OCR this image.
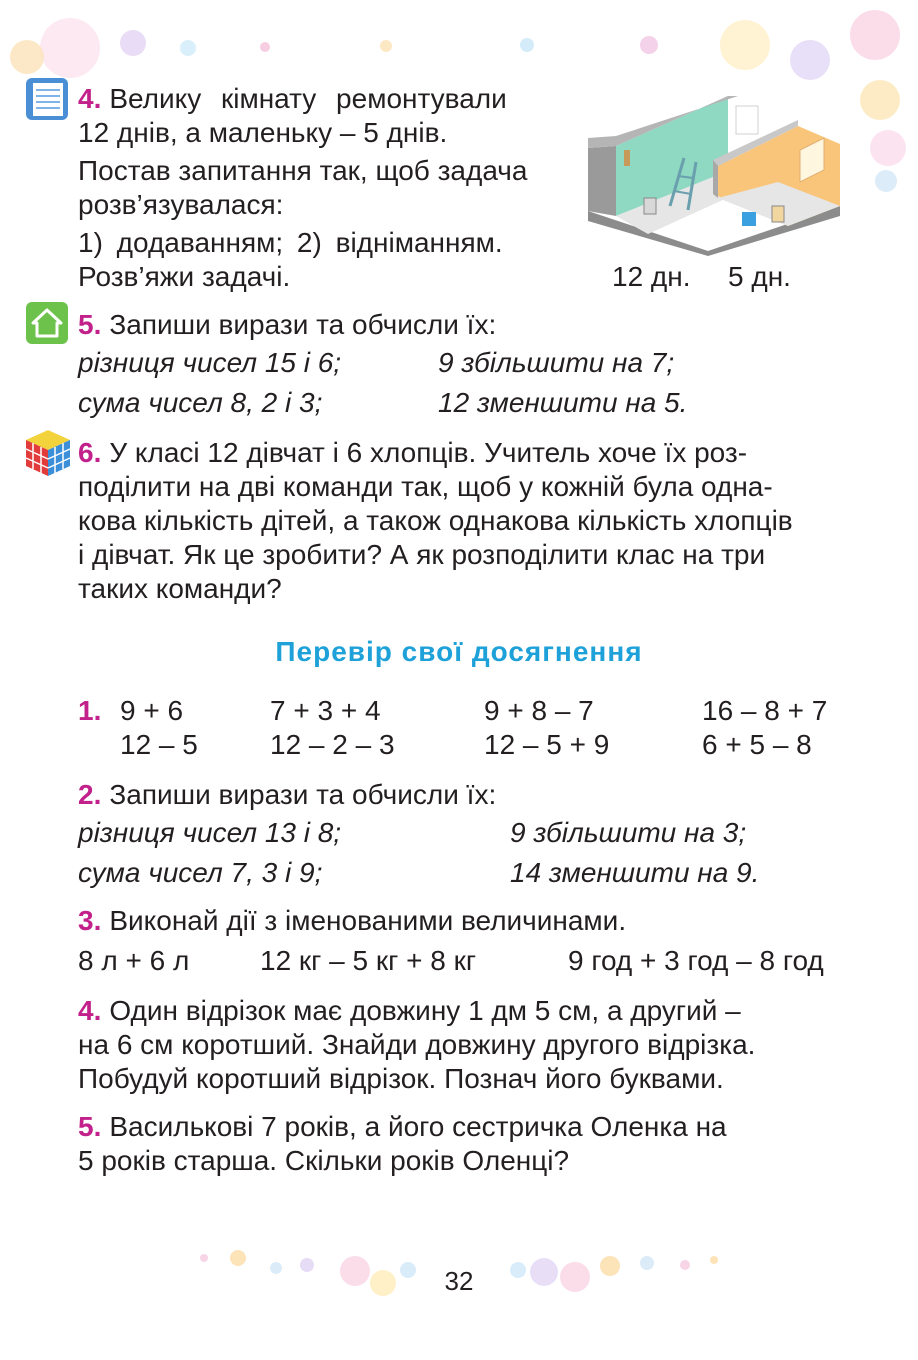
4. Велику кімнату ремонтували
12 днів, а маленьку – 5 днів.
Постав запитання так, щоб задача
розв’язувалася:
1) додаванням; 2) відніманням.
Розв’яжи задачі.	12 дн. 5 дн.
5. Запиши вирази та обчисли їх:
різниця чисел 15 і 6;	9 збільшити на 7;
сума чисел 8, 2 і 3;	12 зменшити на 5.
6. У класі 12 дівчат і 6 хлопців. Учитель хоче їх роз-
поділити на дві команди так, щоб у кожній була одна-
кова кількість дітей, а також однакова кількість хлопців
і дівчат. Як це зробити? А як розподілити клас на три
таких команди?
Перевір свої досягнення
1. 9 + 6	7 + 3 + 4	9 + 8 – 7	16 – 8 + 7
12 – 5	12 – 2 – 3	12 – 5 + 9	6 + 5 – 8
2. Запиши вирази та обчисли їх:
різниця чисел 13 і 8;	9 збільшити на 3;
сума чисел 7, 3 і 9;	14 зменшити на 9.
3. Виконай дії з іменованими величинами.
8 л + 6 л	12 кг – 5 кг + 8 кг	9 год + 3 год – 8 год
4. Один відрізок має довжину 1 дм 5 см, а другий –
на 6 см коротший. Знайди довжину другого відрізка.
Побудуй коротший відрізок. Познач його буквами.
5. Василькові 7 років, а його сестричка Оленка на
5 років старша. Скільки років Оленці?
32
